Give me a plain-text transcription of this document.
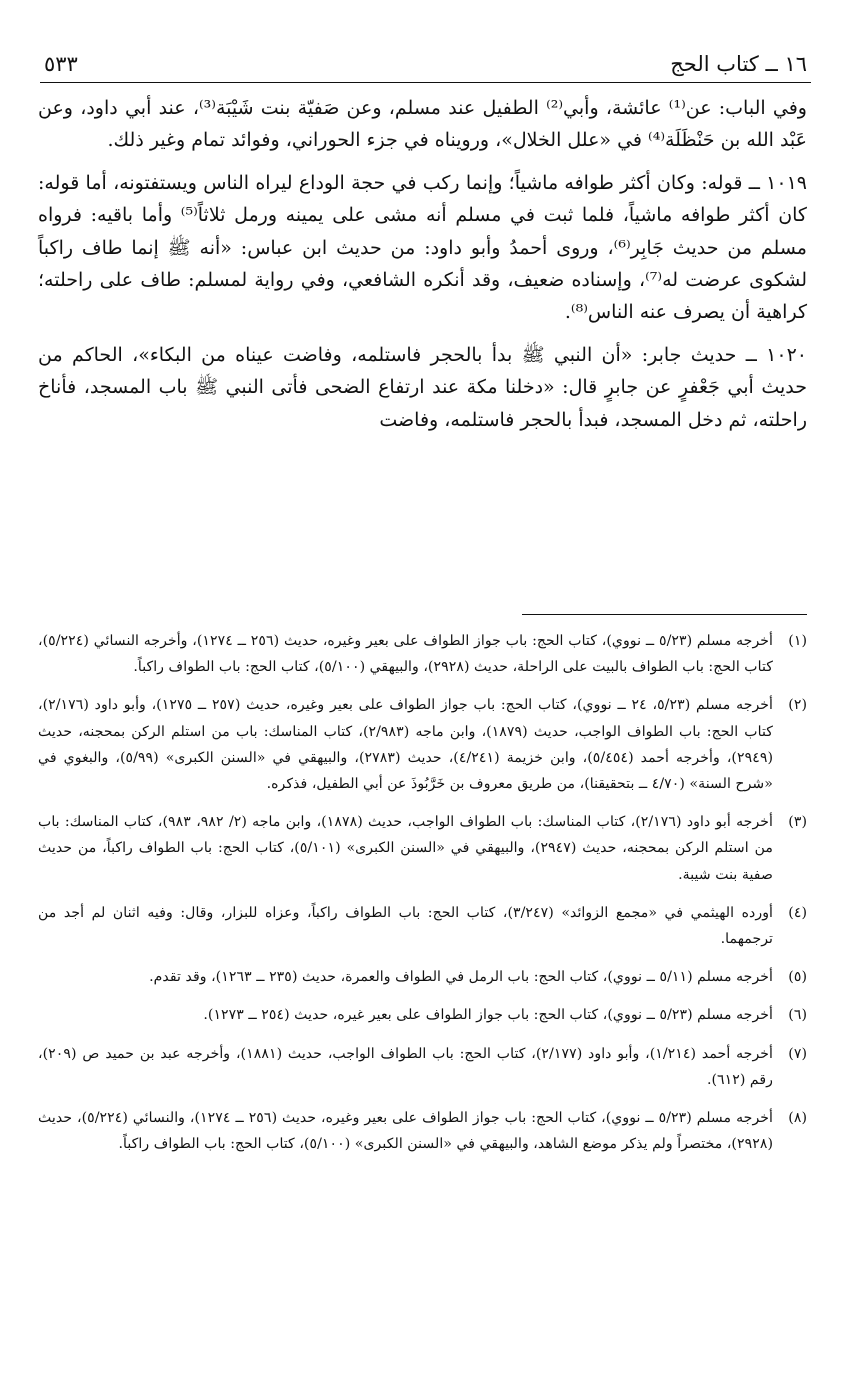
١٦ ــ كتاب الحج
٥٣٣

وفي الباب: عن⁽¹⁾ عائشة، وأبي⁽²⁾ الطفيل عند مسلم، وعن صَفيّة بنت شَيْبَة⁽³⁾، عند أبي داود، وعن عَبْد الله بن حَنْظَلَة⁽⁴⁾ في «علل الخلال»، ورويناه في جزء الحوراني، وفوائد تمام وغير ذلك.

١٠١٩ ــ قوله: وكان أكثر طوافه ماشياً؛ وإنما ركب في حجة الوداع ليراه الناس ويستفتونه، أما قوله: كان أكثر طوافه ماشياً، فلما ثبت في مسلم أنه مشى على يمينه ورمل ثلاثاً⁽⁵⁾ وأما باقيه: فرواه مسلم من حديث جَابِر⁽⁶⁾، وروى أحمدُ وأبو داود: من حديث ابن عباس: «أنه ﷺ إنما طاف راكباً لشكوى عرضت له⁽⁷⁾، وإسناده ضعيف، وقد أنكره الشافعي، وفي رواية لمسلم: طاف على راحلته؛ كراهية أن يصرف عنه الناس⁽⁸⁾.

١٠٢٠ ــ حديث جابر: «أن النبي ﷺ بدأ بالحجر فاستلمه، وفاضت عيناه من البكاء»، الحاكم من حديث أبي جَعْفرٍ عن جابرٍ قال: «دخلنا مكة عند ارتفاع الضحى فأتى النبي ﷺ باب المسجد، فأناخ راحلته، ثم دخل المسجد، فبدأ بالحجر فاستلمه، وفاضت

(١)
أخرجه مسلم (٥/٢٣ ــ نووي)، كتاب الحج: باب جواز الطواف على بعير وغيره، حديث (٢٥٦ ــ ١٢٧٤)، وأخرجه النسائي (٥/٢٢٤)، كتاب الحج: باب الطواف بالبيت على الراحلة، حديث (٢٩٢٨)، والبيهقي (٥/١٠٠)، كتاب الحج: باب الطواف راكباً.
(٢)
أخرجه مسلم (٥/٢٣، ٢٤ ــ نووي)، كتاب الحج: باب جواز الطواف على بعير وغيره، حديث (٢٥٧ ــ ١٢٧٥)، وأبو داود (٢/١٧٦)، كتاب الحج: باب الطواف الواجب، حديث (١٨٧٩)، وابن ماجه (٢/٩٨٣)، كتاب المناسك: باب من استلم الركن بمحجنه، حديث (٢٩٤٩)، وأخرجه أحمد (٥/٤٥٤)، وابن خزيمة (٤/٢٤١)، حديث (٢٧٨٣)، والبيهقي في «السنن الكبرى» (٥/٩٩)، والبغوي في «شرح السنة» (٤/٧٠ ــ بتحقيقنا)، من طريق معروف بن خَرَّبُوذَ عن أبي الطفيل، فذكره.
(٣)
أخرجه أبو داود (٢/١٧٦)، كتاب المناسك: باب الطواف الواجب، حديث (١٨٧٨)، وابن ماجه (٢/ ٩٨٢، ٩٨٣)، كتاب المناسك: باب من استلم الركن بمحجنه، حديث (٢٩٤٧)، والبيهقي في «السنن الكبرى» (٥/١٠١)، كتاب الحج: باب الطواف راكباً، من حديث صفية بنت شيبة.
(٤)
أورده الهيثمي في «مجمع الزوائد» (٣/٢٤٧)، كتاب الحج: باب الطواف راكباً، وعزاه للبزار، وقال: وفيه اثنان لم أجد من ترجمهما.
(٥)
أخرجه مسلم (٥/١١ ــ نووي)، كتاب الحج: باب الرمل في الطواف والعمرة، حديث (٢٣٥ ــ ١٢٦٣)، وقد تقدم.
(٦)
أخرجه مسلم (٥/٢٣ ــ نووي)، كتاب الحج: باب جواز الطواف على بعير غيره، حديث (٢٥٤ ــ ١٢٧٣).
(٧)
أخرجه أحمد (١/٢١٤)، وأبو داود (٢/١٧٧)، كتاب الحج: باب الطواف الواجب، حديث (١٨٨١)، وأخرجه عبد بن حميد ص (٢٠٩)، رقم (٦١٢).
(٨)
أخرجه مسلم (٥/٢٣ ــ نووي)، كتاب الحج: باب جواز الطواف على بعير وغيره، حديث (٢٥٦ ــ ١٢٧٤)، والنسائي (٥/٢٢٤)، حديث (٢٩٢٨)، مختصراً ولم يذكر موضع الشاهد، والبيهقي في «السنن الكبرى» (٥/١٠٠)، كتاب الحج: باب الطواف راكباً.
